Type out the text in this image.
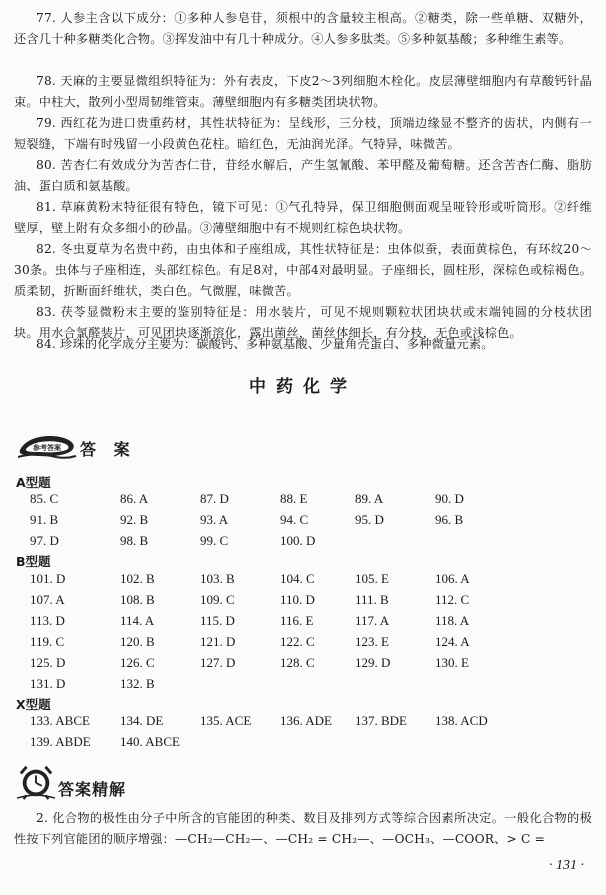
77. 人参主含以下成分：①多种人参皂苷，须根中的含量较主根高。②糖类，除一些单糖、双糖外，还含几十种多糖类化合物。③挥发油中有几十种成分。④人参多肽类。⑤多种氨基酸；多种维生素等。

78. 天麻的主要显微组织特征为：外有表皮，下皮2～3列细胞木栓化。皮层薄壁细胞内有草酸钙针晶束。中柱大，散列小型周韧维管束。薄壁细胞内有多糖类团块状物。

79. 西红花为进口贵重药材，其性状特征为：呈线形，三分枝，顶端边缘显不整齐的齿状，内侧有一短裂缝，下端有时残留一小段黄色花柱。暗红色，无油润光泽。气特异，味微苦。

80. 苦杏仁有效成分为苦杏仁苷，苷经水解后，产生氢氰酸、苯甲醛及葡萄糖。还含苦杏仁酶、脂肪油、蛋白质和氨基酸。

81. 草麻黄粉末特征很有特色，镜下可见：①气孔特异，保卫细胞侧面观呈哑铃形或听筒形。②纤维壁厚，壁上附有众多细小的砂晶。③薄壁细胞中有不规则红棕色块状物。

82. 冬虫夏草为名贵中药，由虫体和子座组成，其性状特征是：虫体似蚕，表面黄棕色，有环纹20～30条。虫体与子座相连，头部红棕色。有足8对，中部4对最明显。子座细长，圆柱形，深棕色或棕褐色。质柔韧，折断面纤维状，类白色。气微腥，味微苦。

83. 茯苓显微粉末主要的鉴别特征是：用水装片，可见不规则颗粒状团块状或末端钝圆的分枝状团块。用水合氯醛装片，可见团块逐渐溶化，露出菌丝，菌丝体细长，有分枝，无色或浅棕色。

84. 珍珠的化学成分主要为：碳酸钙、多种氨基酸、少量角壳蛋白、多种微量元素。

中药化学
参考答案 答 案
A型题
85. C	86. A	87. D	88. E	89. A	90. D
91. B	92. B	93. A	94. C	95. D	96. B
97. D	98. B	99. C	100. D
B型题
101. D	102. B	103. B	104. C	105. E	106. A
107. A	108. B	109. C	110. D	111. B	112. C
113. D	114. A	115. D	116. E	117. A	118. A
119. C	120. B	121. D	122. C	123. E	124. A
125. D	126. C	127. D	128. C	129. D	130. E
131. D	132. B
X型题
133. ABCE 134. DE	135. ACE 136. ADE 137. BDE 138. ACD
139. ABDE 140. ABCE
答案精解

2. 化合物的极性由分子中所含的官能团的种类、数目及排列方式等综合因素所决定。一般化合物的极性按下列官能团的顺序增强：—CH₂—CH₂—、—CH₂ = CH₂—、—OCH₃、—COOR、> C =

· 131 ·
